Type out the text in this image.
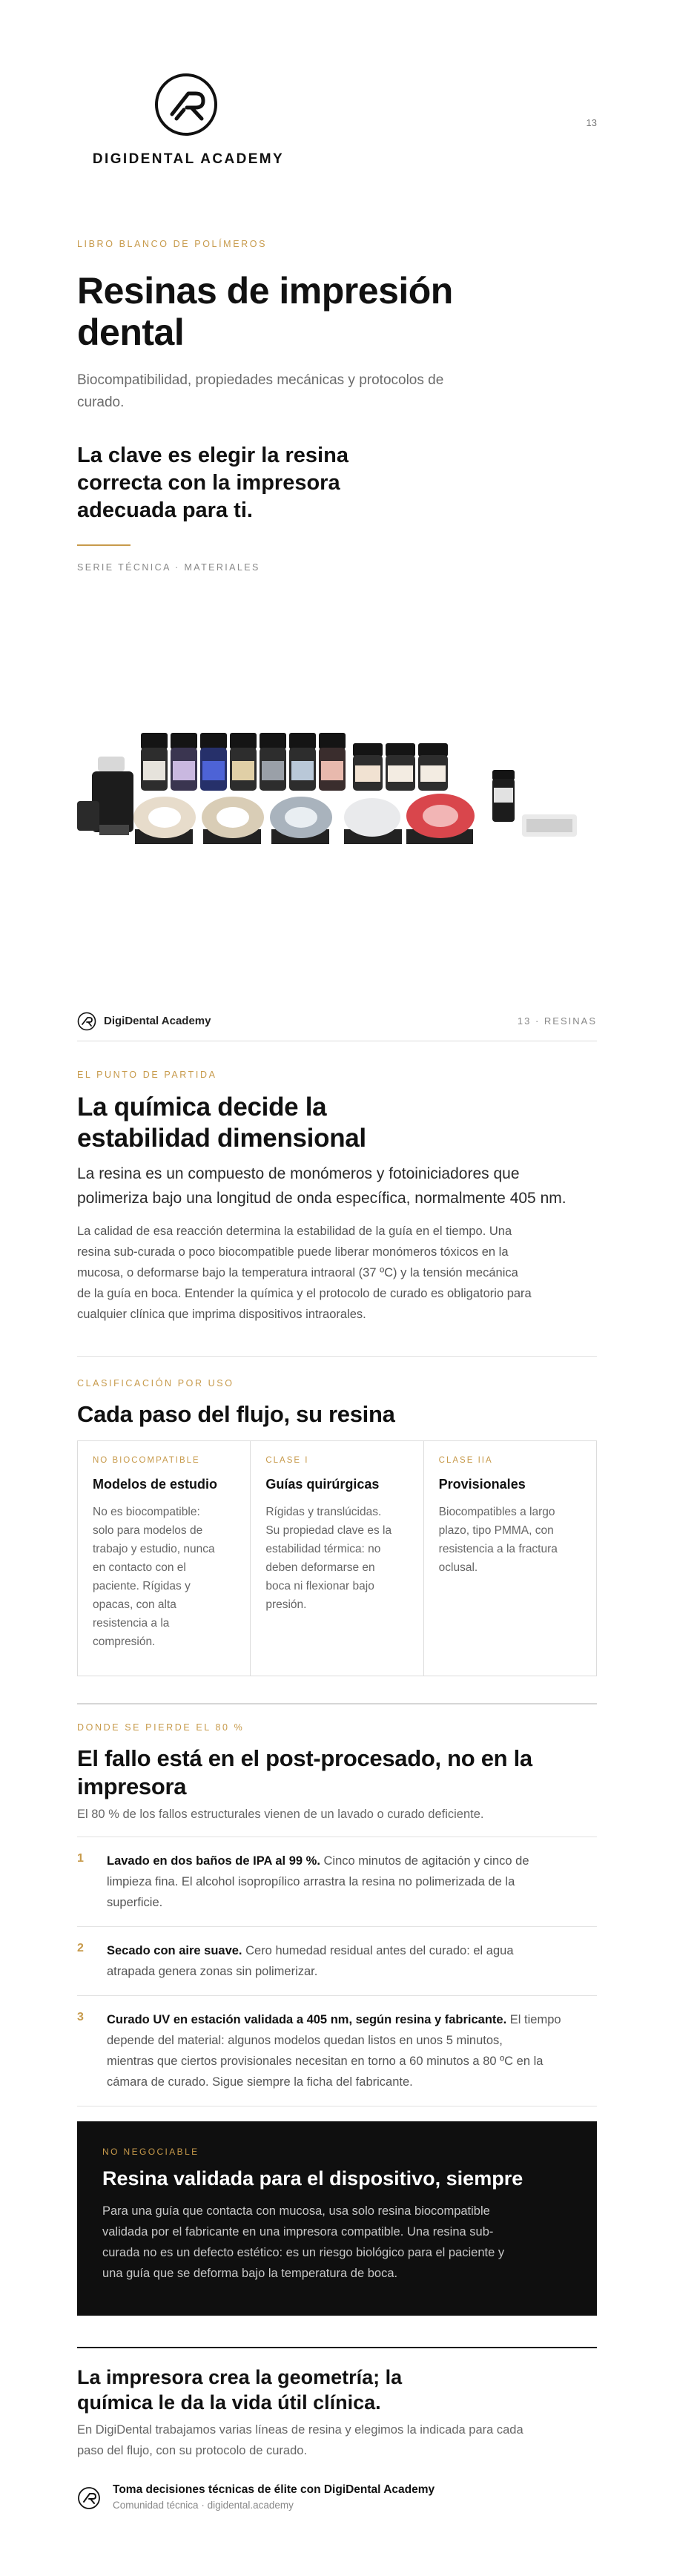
DIGIDENTAL ACADEMY
13
LIBRO BLANCO DE POLÍMEROS
Resinas de impresión
dental
Biocompatibilidad, propiedades mecánicas y protocolos de
curado.
La clave es elegir la resina
correcta con la impresora
adecuada para ti.
SERIE TÉCNICA · MATERIALES
DigiDental Academy	13 · RESINAS
EL PUNTO DE PARTIDA
La química decide la
estabilidad dimensional
La resina es un compuesto de monómeros y fotoiniciadores que
polimeriza bajo una longitud de onda específica, normalmente 405 nm.
La calidad de esa reacción determina la estabilidad de la guía en el tiempo. Una
resina sub-curada o poco biocompatible puede liberar monómeros tóxicos en la
mucosa, o deformarse bajo la temperatura intraoral (37 ºC) y la tensión mecánica
de la guía en boca. Entender la química y el protocolo de curado es obligatorio para
cualquier clínica que imprima dispositivos intraorales.
CLASIFICACIÓN POR USO
Cada paso del flujo, su resina
NO BIOCOMPATIBLE
Modelos de estudio
No es biocompatible:
solo para modelos de
trabajo y estudio, nunca
en contacto con el
paciente. Rígidas y
opacas, con alta
resistencia a la
compresión.
CLASE I
Guías quirúrgicas
Rígidas y translúcidas.
Su propiedad clave es la
estabilidad térmica: no
deben deformarse en
boca ni flexionar bajo
presión.
CLASE IIA
Provisionales
Biocompatibles a largo
plazo, tipo PMMA, con
resistencia a la fractura
oclusal.
DONDE SE PIERDE EL 80 %
El fallo está en el post-procesado, no en la
impresora
El 80 % de los fallos estructurales vienen de un lavado o curado deficiente.
1 Lavado en dos baños de IPA al 99 %. Cinco minutos de agitación y cinco de
limpieza fina. El alcohol isopropílico arrastra la resina no polimerizada de la
superficie.
2 Secado con aire suave. Cero humedad residual antes del curado: el agua
atrapada genera zonas sin polimerizar.
3 Curado UV en estación validada a 405 nm, según resina y fabricante. El tiempo
depende del material: algunos modelos quedan listos en unos 5 minutos,
mientras que ciertos provisionales necesitan en torno a 60 minutos a 80 ºC en la
cámara de curado. Sigue siempre la ficha del fabricante.
NO NEGOCIABLE
Resina validada para el dispositivo, siempre
Para una guía que contacta con mucosa, usa solo resina biocompatible
validada por el fabricante en una impresora compatible. Una resina sub-
curada no es un defecto estético: es un riesgo biológico para el paciente y
una guía que se deforma bajo la temperatura de boca.
La impresora crea la geometría; la
química le da la vida útil clínica.
En DigiDental trabajamos varias líneas de resina y elegimos la indicada para cada
paso del flujo, con su protocolo de curado.
Toma decisiones técnicas de élite con DigiDental Academy
Comunidad técnica · digidental.academy
